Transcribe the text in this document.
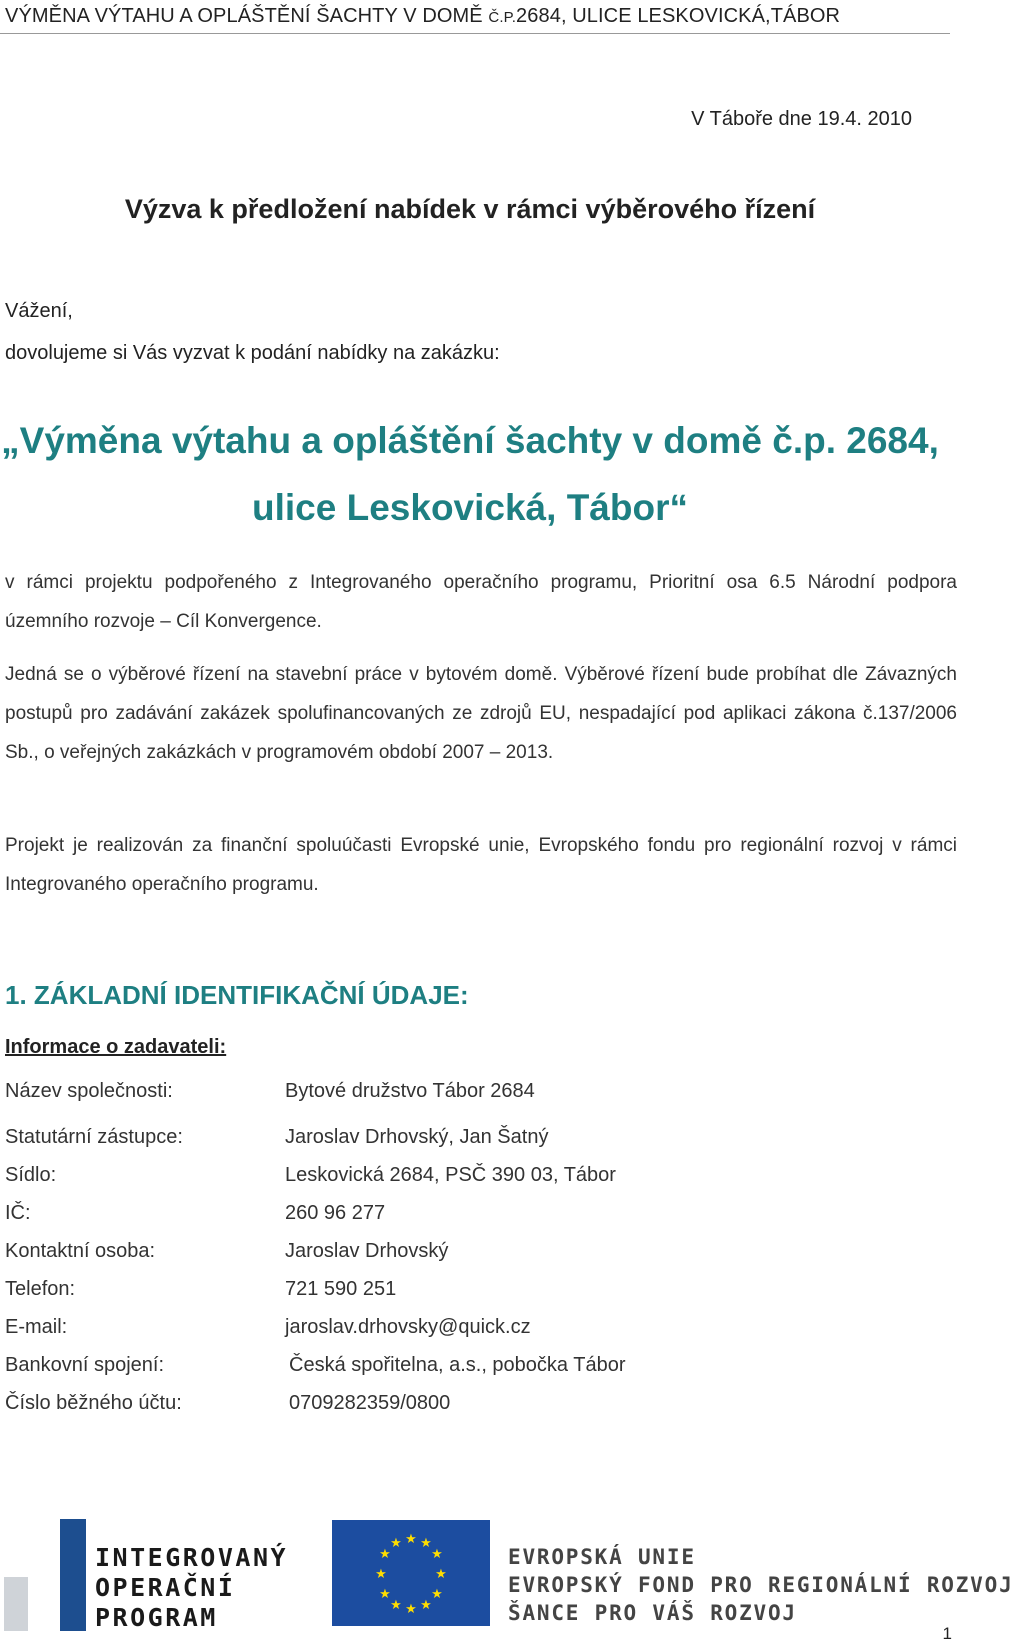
VÝMĚNA VÝTAHU A OPLÁŠTĚNÍ ŠACHTY V DOMĚ Č.P.2684, ULICE LESKOVICKÁ,TÁBOR
V Táboře dne 19.4. 2010
Výzva k předložení nabídek v rámci výběrového řízení
Vážení,
dovolujeme si Vás vyzvat k podání nabídky na zakázku:
„Výměna výtahu a opláštění šachty v domě č.p. 2684,
ulice Leskovická, Tábor“
v rámci projektu podpořeného z Integrovaného operačního programu, Prioritní osa 6.5 Národní podpora územního rozvoje – Cíl Konvergence.
Jedná se o výběrové řízení na stavební práce v bytovém domě. Výběrové řízení bude probíhat dle Závazných postupů pro zadávání zakázek spolufinancovaných ze zdrojů EU, nespadající pod aplikaci zákona č.137/2006 Sb., o veřejných zakázkách v programovém období 2007 – 2013.
Projekt je realizován za finanční spoluúčasti Evropské unie, Evropského fondu pro regionální rozvoj v rámci Integrovaného operačního programu.
1. ZÁKLADNÍ IDENTIFIKAČNÍ ÚDAJE:
Informace o zadavateli:
Název společnosti:	Bytové družstvo Tábor 2684
Statutární zástupce:	Jaroslav Drhovský, Jan Šatný
Sídlo:	Leskovická 2684, PSČ 390 03, Tábor
IČ:	260 96 277
Kontaktní osoba:	Jaroslav Drhovský
Telefon:	721 590 251
E-mail:	jaroslav.drhovsky@quick.cz
Bankovní spojení:	Česká spořitelna, a.s., pobočka Tábor
Číslo běžného účtu:	0709282359/0800
INTEGROVANÝ
OPERAČNÍ
PROGRAM
★ ★
★
★
★
★
★
★
★
★
★
★
EVROPSKÁ UNIE
EVROPSKÝ FOND PRO REGIONÁLNÍ ROZVOJ
ŠANCE PRO VÁŠ ROZVOJ
1
